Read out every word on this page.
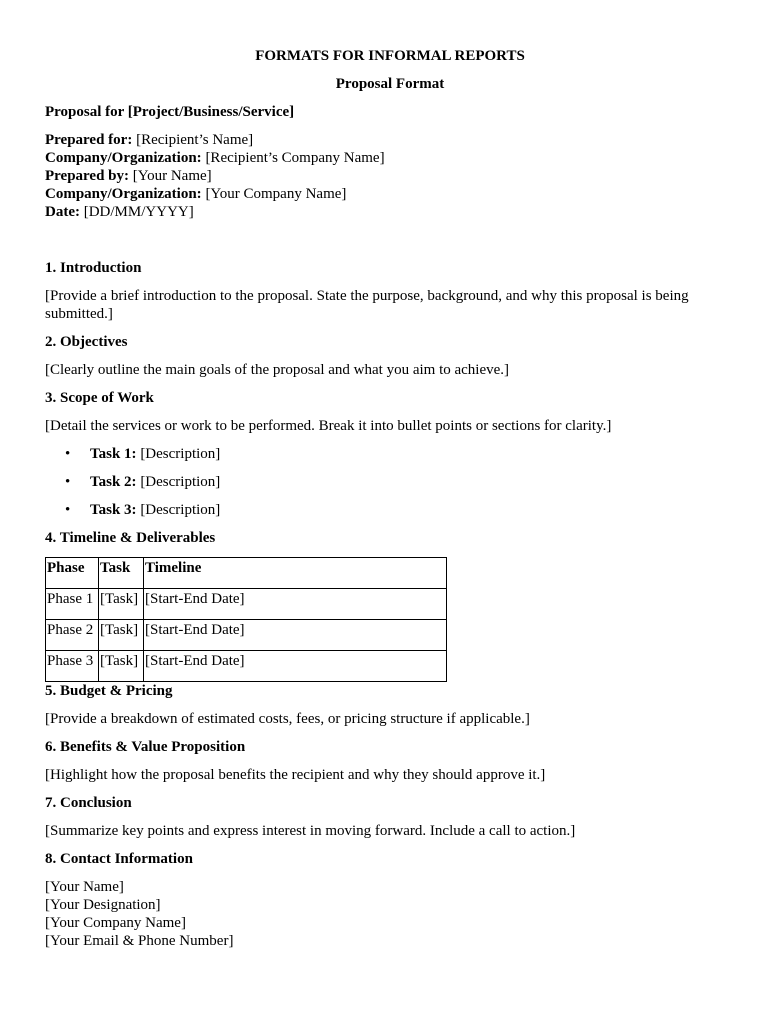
FORMATS FOR INFORMAL REPORTS

Proposal Format

Proposal for [Project/Business/Service]

Prepared for: [Recipient’s Name]

Company/Organization: [Recipient’s Company Name]

Prepared by: [Your Name]

Company/Organization: [Your Company Name]

Date: [DD/MM/YYYY]

1. Introduction

[Provide a brief introduction to the proposal. State the purpose, background, and why this proposal is being submitted.]

2. Objectives

[Clearly outline the main goals of the proposal and what you aim to achieve.]

3. Scope of Work

[Detail the services or work to be performed. Break it into bullet points or sections for clarity.]

• Task 1: [Description]
• Task 2: [Description]
• Task 3: [Description]

4. Timeline & Deliverables

Phase	Task	Timeline
Phase 1	[Task]	[Start-End Date]
Phase 2	[Task]	[Start-End Date]
Phase 3	[Task]	[Start-End Date]

5. Budget & Pricing

[Provide a breakdown of estimated costs, fees, or pricing structure if applicable.]

6. Benefits & Value Proposition

[Highlight how the proposal benefits the recipient and why they should approve it.]

7. Conclusion

[Summarize key points and express interest in moving forward. Include a call to action.]

8. Contact Information

[Your Name]

[Your Designation]

[Your Company Name]

[Your Email & Phone Number]
